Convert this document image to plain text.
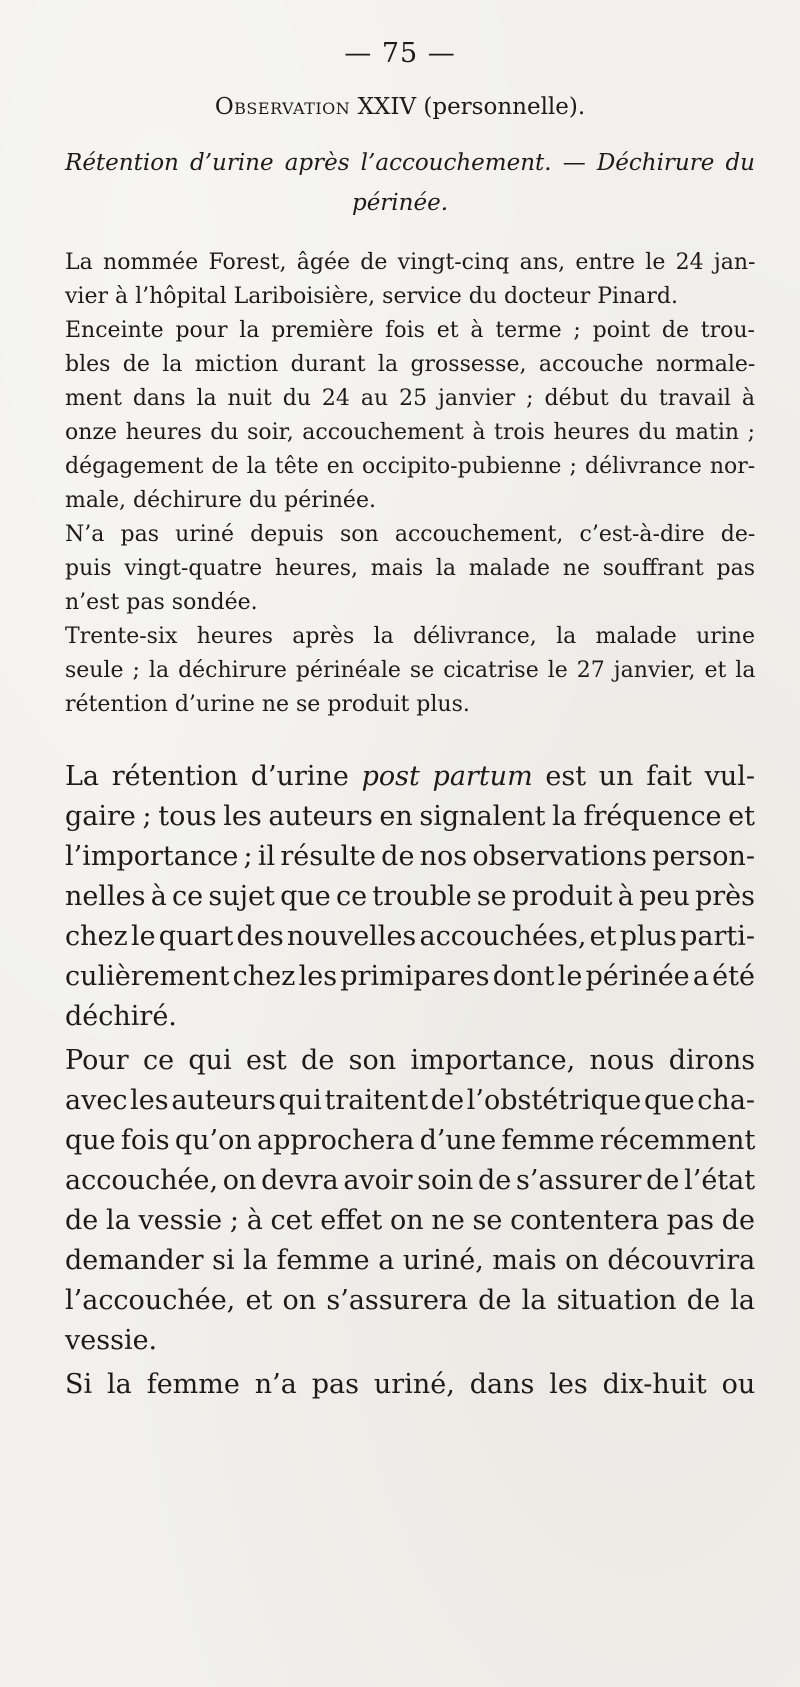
— 75 —
Observation XXIV (personnelle).
Rétention d’urine après l’accouchement. — Déchirure du
périnée.
La nommée Forest, âgée de vingt-cinq ans, entre le 24 jan-
vier à l’hôpital Lariboisière, service du docteur Pinard.
Enceinte pour la première fois et à terme ; point de trou-
bles de la miction durant la grossesse, accouche normale-
ment dans la nuit du 24 au 25 janvier ; début du travail à
onze heures du soir, accouchement à trois heures du matin ;
dégagement de la tête en occipito-pubienne ; délivrance nor-
male, déchirure du périnée.
N’a pas uriné depuis son accouchement, c’est-à-dire de-
puis vingt-quatre heures, mais la malade ne souffrant pas
n’est pas sondée.
Trente-six heures après la délivrance, la malade urine
seule ; la déchirure périnéale se cicatrise le 27 janvier, et la
rétention d’urine ne se produit plus.
La rétention d’urine post partum est un fait vul-
gaire ; tous les auteurs en signalent la fréquence et
l’importance ; il résulte de nos observations person-
nelles à ce sujet que ce trouble se produit à peu près
chez le quart des nouvelles accouchées, et plus parti-
culièrement chez les primipares dont le périnée a été
déchiré.
Pour ce qui est de son importance, nous dirons
avec les auteurs qui traitent de l’obstétrique que cha-
que fois qu’on approchera d’une femme récemment
accouchée, on devra avoir soin de s’assurer de l’état
de la vessie ; à cet effet on ne se contentera pas de
demander si la femme a uriné, mais on découvrira
l’accouchée, et on s’assurera de la situation de la
vessie.
Si la femme n’a pas uriné, dans les dix-huit ou
